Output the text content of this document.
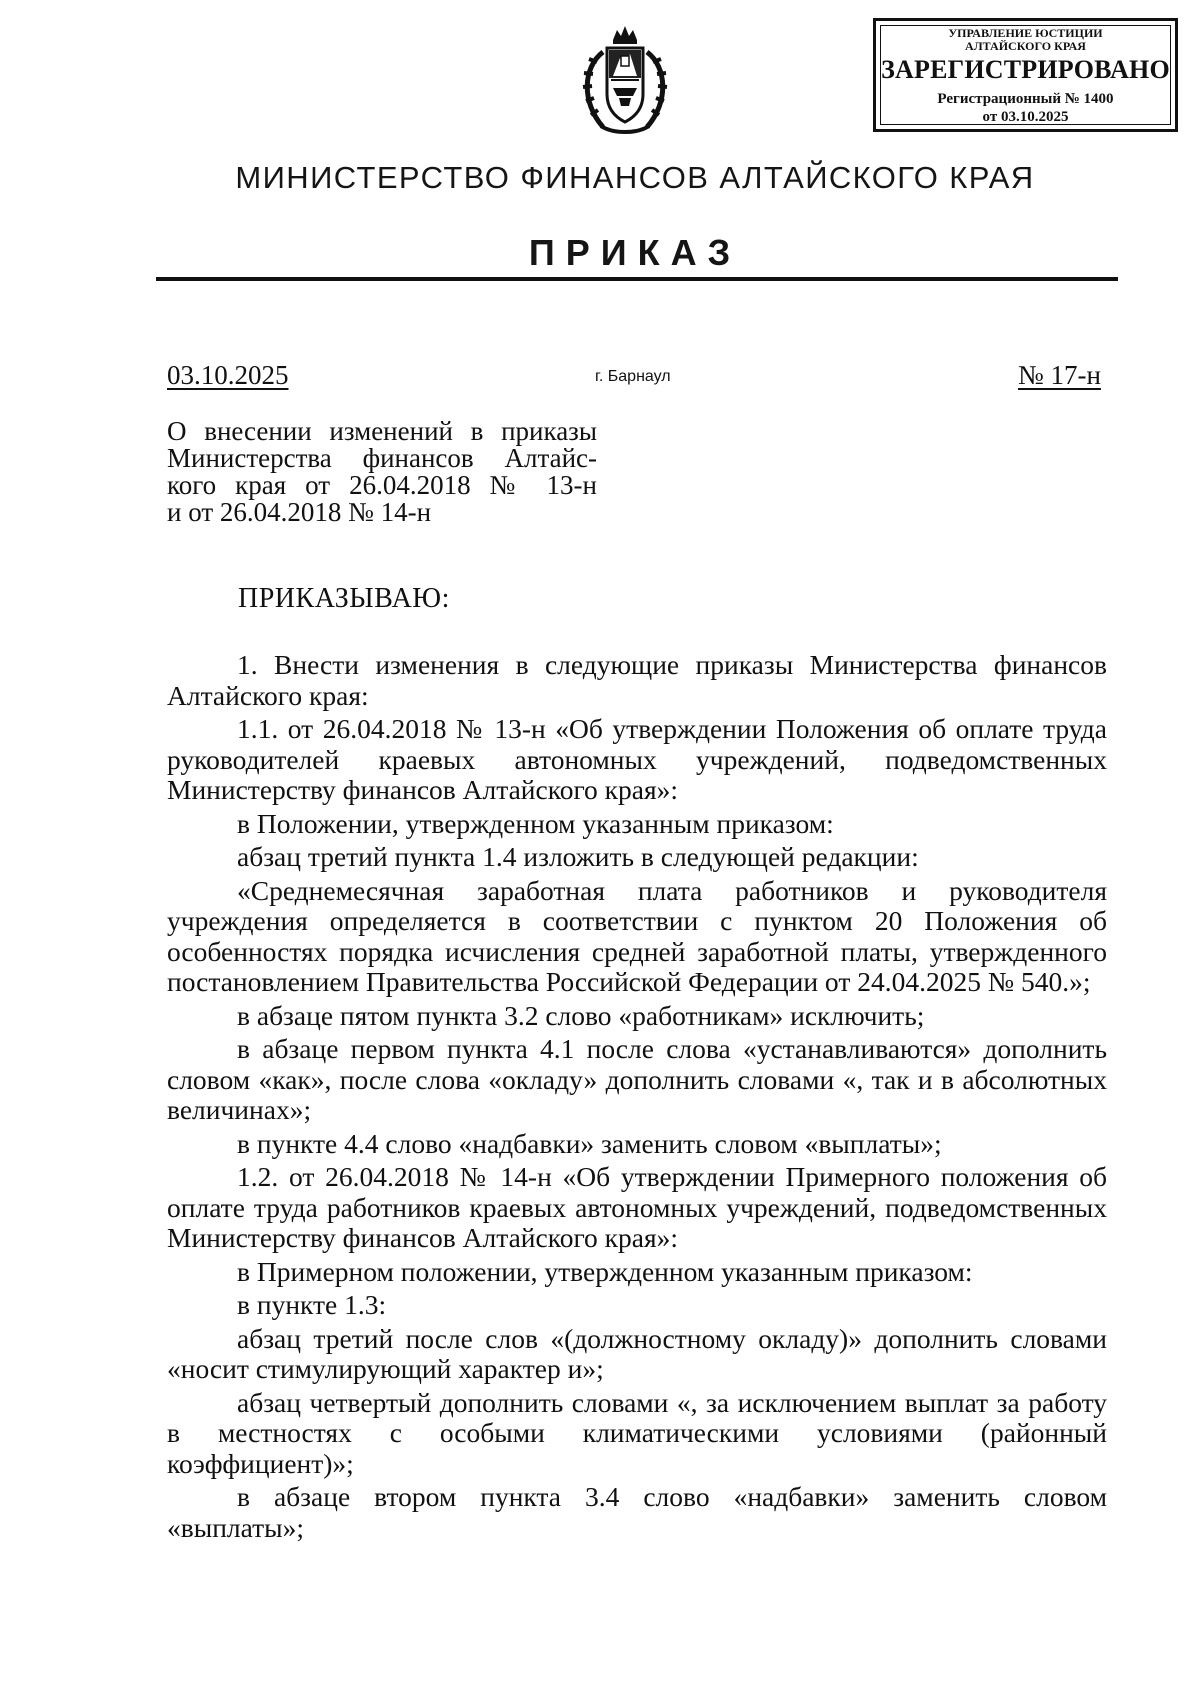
УПРАВЛЕНИЕ ЮСТИЦИИ
АЛТАЙСКОГО КРАЯ
ЗАРЕГИСТРИРОВАНО
Регистрационный № 1400
от 03.10.2025
МИНИСТЕРСТВО ФИНАНСОВ АЛТАЙСКОГО КРАЯ
ПРИКАЗ
03.10.2025	г. Барнаул	№ 17-н
О внесении изменений в приказы
Министерства финансов Алтайс-
кого края от 26.04.2018 № 13-н
и от 26.04.2018 № 14-н
ПРИКАЗЫВАЮ:

1. Внести изменения в следующие приказы Министерства финансов Алтайского края:

1.1. от 26.04.2018 № 13-н «Об утверждении Положения об оплате труда руководителей краевых автономных учреждений, подведомственных Министерству финансов Алтайского края»:

в Положении, утвержденном указанным приказом:

абзац третий пункта 1.4 изложить в следующей редакции:

«Среднемесячная заработная плата работников и руководителя учреждения определяется в соответствии с пунктом 20 Положения об особенностях порядка исчисления средней заработной платы, утвержденного постановлением Правительства Российской Федерации от 24.04.2025 № 540.»;

в абзаце пятом пункта 3.2 слово «работникам» исключить;

в абзаце первом пункта 4.1 после слова «устанавливаются» дополнить словом «как», после слова «окладу» дополнить словами «, так и в абсолютных величинах»;

в пункте 4.4 слово «надбавки» заменить словом «выплаты»;

1.2. от 26.04.2018 № 14-н «Об утверждении Примерного положения об оплате труда работников краевых автономных учреждений, подведомственных Министерству финансов Алтайского края»:

в Примерном положении, утвержденном указанным приказом:

в пункте 1.3:

абзац третий после слов «(должностному окладу)» дополнить словами «носит стимулирующий характер и»;

абзац четвертый дополнить словами «, за исключением выплат за работу в местностях с особыми климатическими условиями (районный коэффициент)»;

в абзаце втором пункта 3.4 слово «надбавки» заменить словом «выплаты»;
